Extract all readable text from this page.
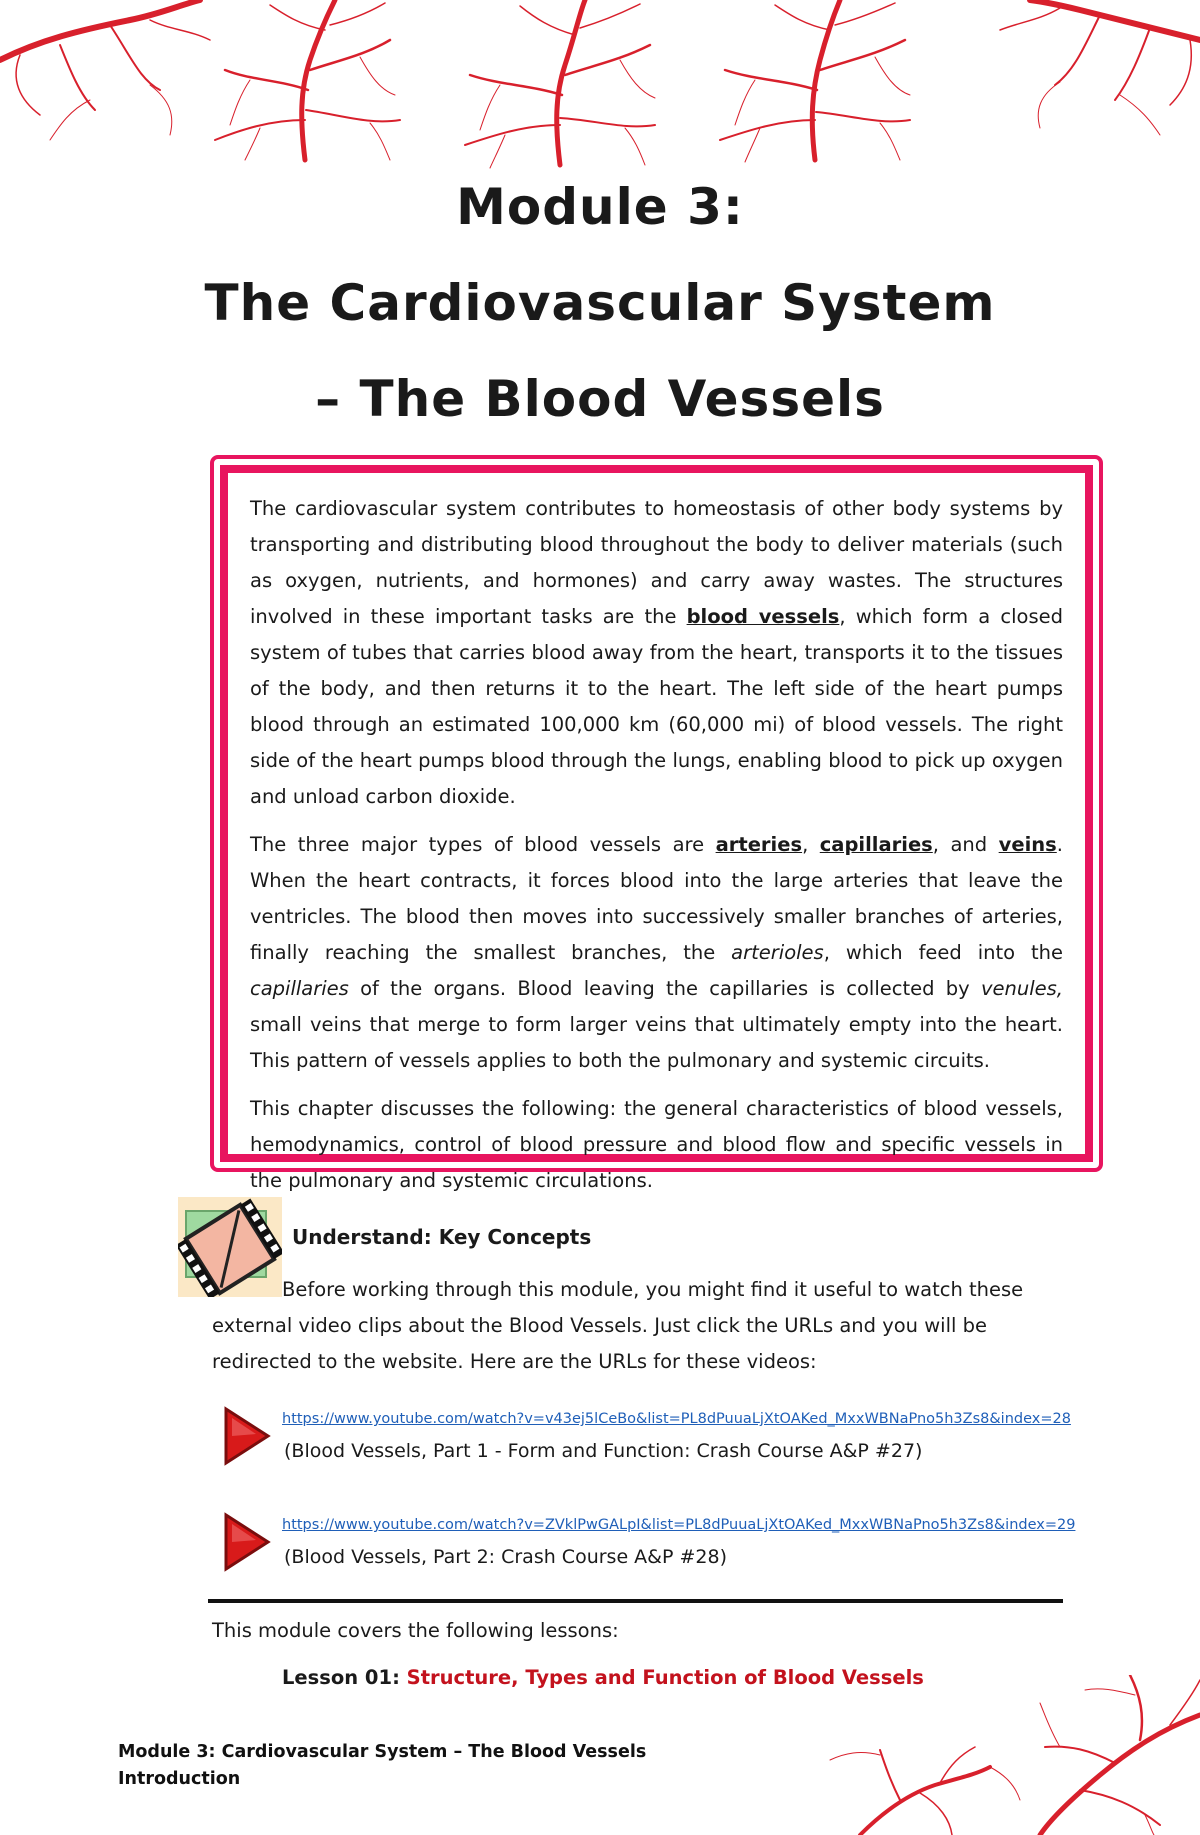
Module 3:
The Cardiovascular System
– The Blood Vessels

The cardiovascular system contributes to homeostasis of other body systems by transporting and distributing blood throughout the body to deliver materials (such as oxygen, nutrients, and hormones) and carry away wastes. The structures involved in these important tasks are the blood vessels, which form a closed system of tubes that carries blood away from the heart, transports it to the tissues of the body, and then returns it to the heart. The left side of the heart pumps blood through an estimated 100,000 km (60,000 mi) of blood vessels. The right side of the heart pumps blood through the lungs, enabling blood to pick up oxygen and unload carbon dioxide.

The three major types of blood vessels are arteries, capillaries, and veins. When the heart contracts, it forces blood into the large arteries that leave the ventricles. The blood then moves into successively smaller branches of arteries, finally reaching the smallest branches, the arterioles, which feed into the capillaries of the organs. Blood leaving the capillaries is collected by venules, small veins that merge to form larger veins that ultimately empty into the heart. This pattern of vessels applies to both the pulmonary and systemic circuits.

This chapter discusses the following: the general characteristics of blood vessels, hemodynamics, control of blood pressure and blood flow and specific vessels in the pulmonary and systemic circulations.

Understand: Key Concepts
Before working through this module, you might find it useful to watch these external video clips about the Blood Vessels. Just click the URLs and you will be redirected to the website. Here are the URLs for these videos:
https://www.youtube.com/watch?v=v43ej5lCeBo&list=PL8dPuuaLjXtOAKed_MxxWBNaPno5h3Zs8&index=28
(Blood Vessels, Part 1 - Form and Function: Crash Course A&P #27)
https://www.youtube.com/watch?v=ZVklPwGALpI&list=PL8dPuuaLjXtOAKed_MxxWBNaPno5h3Zs8&index=29
(Blood Vessels, Part 2: Crash Course A&P #28)
This module covers the following lessons:
Lesson 01: Structure, Types and Function of Blood Vessels
Module 3: Cardiovascular System – The Blood Vessels
Introduction
